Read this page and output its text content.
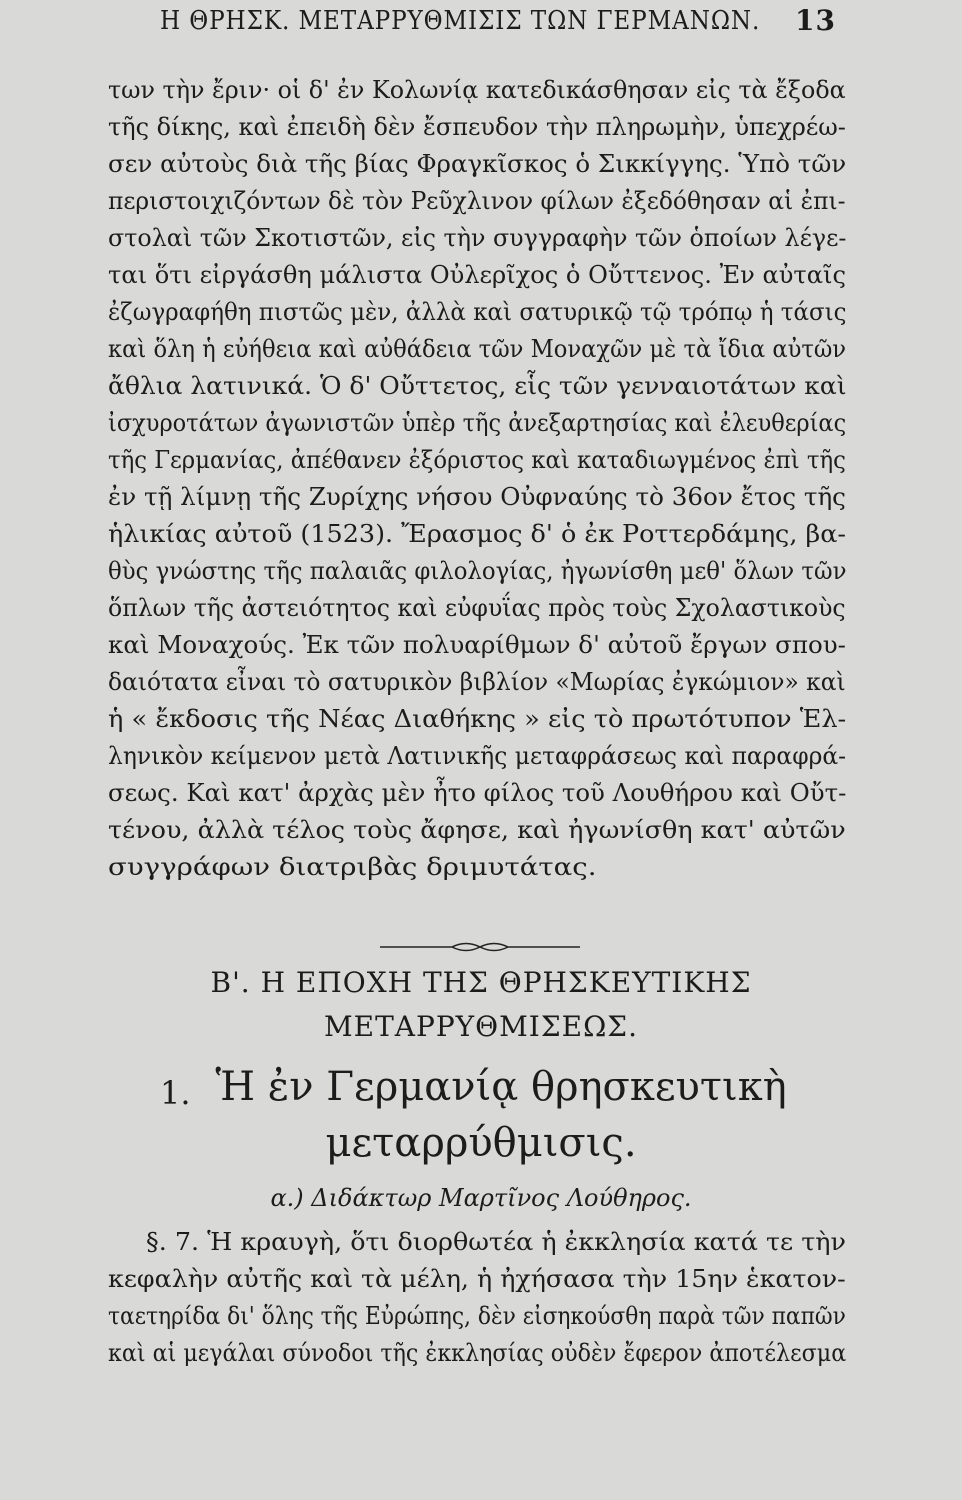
Η ΘΡΗΣΚ. ΜΕΤΑΡΡΥΘΜΙΣΙΣ ΤΩΝ ΓΕΡΜΑΝΩΝ. 13
των τὴν ἔριν· οἱ δ' ἐν Κολωνίᾳ κατεδικάσθησαν εἰς τὰ ἔξοδα
τῆς δίκης, καὶ ἐπειδὴ δὲν ἔσπευδον τὴν πληρωμὴν, ὑπεχρέω-
σεν αὐτοὺς διὰ τῆς βίας Φραγκῖσκος ὁ Σικκίγγης. Ὑπὸ τῶν
περιστοιχιζόντων δὲ τὸν Ρεῦχλινον φίλων ἐξεδόθησαν αἱ ἐπι-
στολαὶ τῶν Σκοτιστῶν, εἰς τὴν συγγραφὴν τῶν ὁποίων λέγε-
ται ὅτι εἰργάσθη μάλιστα Οὐλερῖχος ὁ Οὔττενος. Ἐν αὐταῖς
ἐζωγραφήθη πιστῶς μὲν, ἀλλὰ καὶ σατυρικῷ τῷ τρόπῳ ἡ τάσις
καὶ ὅλη ἡ εὐήθεια καὶ αὐθάδεια τῶν Μοναχῶν μὲ τὰ ἴδια αὐτῶν
ἄθλια λατινικά. Ὁ δ' Οὔττετος, εἷς τῶν γενναιοτάτων καὶ
ἰσχυροτάτων ἀγωνιστῶν ὑπὲρ τῆς ἀνεξαρτησίας καὶ ἐλευθερίας
τῆς Γερμανίας, ἀπέθανεν ἐξόριστος καὶ καταδιωγμένος ἐπὶ τῆς
ἐν τῇ λίμνῃ τῆς Ζυρίχης νήσου Οὐφναύης τὸ 36ον ἔτος τῆς
ἡλικίας αὐτοῦ (1523). Ἔρασμος δ' ὁ ἐκ Ροττερδάμης, βα-
θὺς γνώστης τῆς παλαιᾶς φιλολογίας, ἠγωνίσθη μεθ' ὅλων τῶν
ὅπλων τῆς ἀστειότητος καὶ εὐφυΐας πρὸς τοὺς Σχολαστικοὺς
καὶ Μοναχούς. Ἐκ τῶν πολυαρίθμων δ' αὐτοῦ ἔργων σπου-
δαιότατα εἶναι τὸ σατυρικὸν βιβλίον «Μωρίας ἐγκώμιον» καὶ
ἡ « ἔκδοσις τῆς Νέας Διαθήκης » εἰς τὸ πρωτότυπον Ἑλ-
ληνικὸν κείμενον μετὰ Λατινικῆς μεταφράσεως καὶ παραφρά-
σεως. Καὶ κατ' ἀρχὰς μὲν ἦτο φίλος τοῦ Λουθήρου καὶ Οὔτ-
τένου, ἀλλὰ τέλος τοὺς ἄφησε, καὶ ἠγωνίσθη κατ' αὐτῶν
συγγράφων διατριβὰς δριμυτάτας.
Β'. Η ΕΠΟΧΗ ΤΗΣ ΘΡΗΣΚΕΥΤΙΚΗΣ
ΜΕΤΑΡΡΥΘΜΙΣΕΩΣ.
1. Ἡ ἐν Γερμανίᾳ θρησκευτικὴ
μεταρρύθμισις.
α.) Διδάκτωρ Μαρτῖνος Λούθηρος.
§. 7. Ἡ κραυγὴ, ὅτι διορθωτέα ἡ ἐκκλησία κατά τε τὴν
κεφαλὴν αὐτῆς καὶ τὰ μέλη, ἡ ἠχήσασα τὴν 15ην ἑκατον-
ταετηρίδα δι' ὅλης τῆς Εὐρώπης, δὲν εἰσηκούσθη παρὰ τῶν παπῶν
καὶ αἱ μεγάλαι σύνοδοι τῆς ἐκκλησίας οὐδὲν ἔφερον ἀποτέλεσμα
